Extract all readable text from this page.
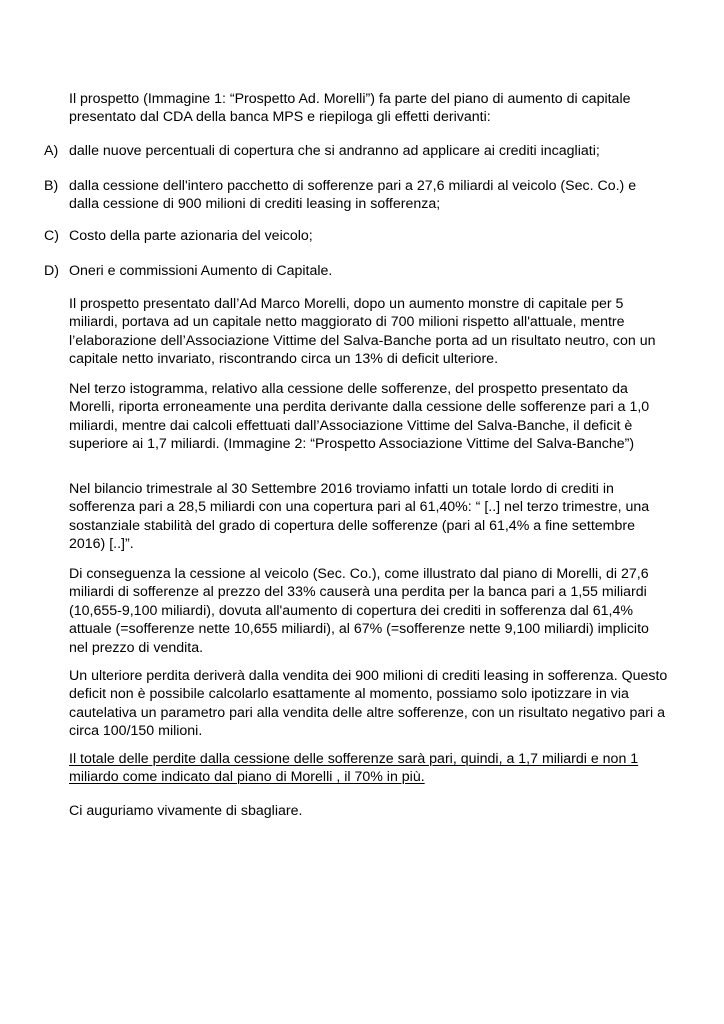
Il prospetto (Immagine 1: “Prospetto Ad. Morelli”) fa parte del piano di aumento di capitale presentato dal CDA della banca MPS e riepiloga gli effetti derivanti:

A) dalle nuove percentuali di copertura che si andranno ad applicare ai crediti incagliati;
B) dalla cessione dell'intero pacchetto di sofferenze pari a 27,6 miliardi al veicolo (Sec. Co.) e dalla cessione di 900 milioni di crediti leasing in sofferenza;
C) Costo della parte azionaria del veicolo;
D) Oneri e commissioni Aumento di Capitale.

Il prospetto presentato dall’Ad Marco Morelli, dopo un aumento monstre di capitale per 5 miliardi, portava ad un capitale netto maggiorato di 700 milioni rispetto all'attuale, mentre l’elaborazione dell’Associazione Vittime del Salva-Banche porta ad un risultato neutro, con un capitale netto invariato, riscontrando circa un 13% di deficit ulteriore.

Nel terzo istogramma, relativo alla cessione delle sofferenze, del prospetto presentato da Morelli, riporta erroneamente una perdita derivante dalla cessione delle sofferenze pari a 1,0 miliardi, mentre dai calcoli effettuati dall’Associazione Vittime del Salva-Banche, il deficit è superiore ai 1,7 miliardi. (Immagine 2: “Prospetto Associazione Vittime del Salva-Banche”)

Nel bilancio trimestrale al 30 Settembre 2016 troviamo infatti un totale lordo di crediti in sofferenza pari a 28,5 miliardi con una copertura pari al 61,40%: “ [..] nel terzo trimestre, una sostanziale stabilità del grado di copertura delle sofferenze (pari al 61,4% a fine settembre 2016) [..]”.

Di conseguenza la cessione al veicolo (Sec. Co.), come illustrato dal piano di Morelli, di 27,6 miliardi di sofferenze al prezzo del 33% causerà una perdita per la banca pari a 1,55 miliardi (10,655-9,100 miliardi), dovuta all'aumento di copertura dei crediti in sofferenza dal 61,4% attuale (=sofferenze nette 10,655 miliardi), al 67% (=sofferenze nette 9,100 miliardi) implicito nel prezzo di vendita.

Un ulteriore perdita deriverà dalla vendita dei 900 milioni di crediti leasing in sofferenza. Questo deficit non è possibile calcolarlo esattamente al momento, possiamo solo ipotizzare in via cautelativa un parametro pari alla vendita delle altre sofferenze, con un risultato negativo pari a circa 100/150 milioni.

Il totale delle perdite dalla cessione delle sofferenze sarà pari, quindi, a 1,7 miliardi e non 1 miliardo come indicato dal piano di Morelli , il 70% in più.

Ci auguriamo vivamente di sbagliare.
